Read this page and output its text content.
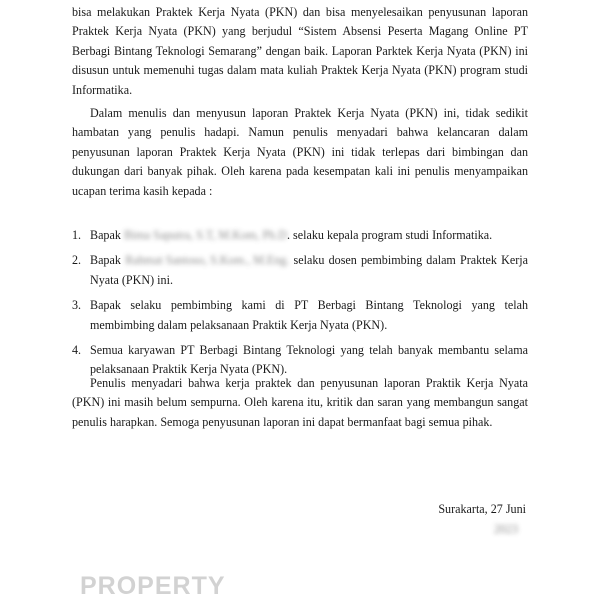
bisa melakukan Praktek Kerja Nyata (PKN) dan bisa menyelesaikan penyusunan laporan Praktek Kerja Nyata (PKN) yang berjudul “Sistem Absensi Peserta Magang Online PT Berbagi Bintang Teknologi Semarang” dengan baik. Laporan Parktek Kerja Nyata (PKN) ini disusun untuk memenuhi tugas dalam mata kuliah Praktek Kerja Nyata (PKN) program studi Informatika.

Dalam menulis dan menyusun laporan Praktek Kerja Nyata (PKN) ini, tidak sedikit hambatan yang penulis hadapi. Namun penulis menyadari bahwa kelancaran dalam penyusunan laporan Praktek Kerja Nyata (PKN) ini tidak terlepas dari bimbingan dan dukungan dari banyak pihak. Oleh karena pada kesempatan kali ini penulis menyampaikan ucapan terima kasih kepada :

1. Bapak Bima Saputra, S.T, M.Kom, Ph.D. selaku kepala program studi Informatika.
2. Bapak Rahmat Santoso, S.Kom., M.Eng. selaku dosen pembimbing dalam Praktek Kerja Nyata (PKN) ini.
3. Bapak selaku pembimbing kami di PT Berbagi Bintang Teknologi yang telah membimbing dalam pelaksanaan Praktik Kerja Nyata (PKN).
4. Semua karyawan PT Berbagi Bintang Teknologi yang telah banyak membantu selama pelaksanaan Praktik Kerja Nyata (PKN).

Penulis menyadari bahwa kerja praktek dan penyusunan laporan Praktik Kerja Nyata (PKN) ini masih belum sempurna. Oleh karena itu, kritik dan saran yang membangun sangat penulis harapkan. Semoga penyusunan laporan ini dapat bermanfaat bagi semua pihak.

Surakarta, 27 Juni
2023
PROPERTY
